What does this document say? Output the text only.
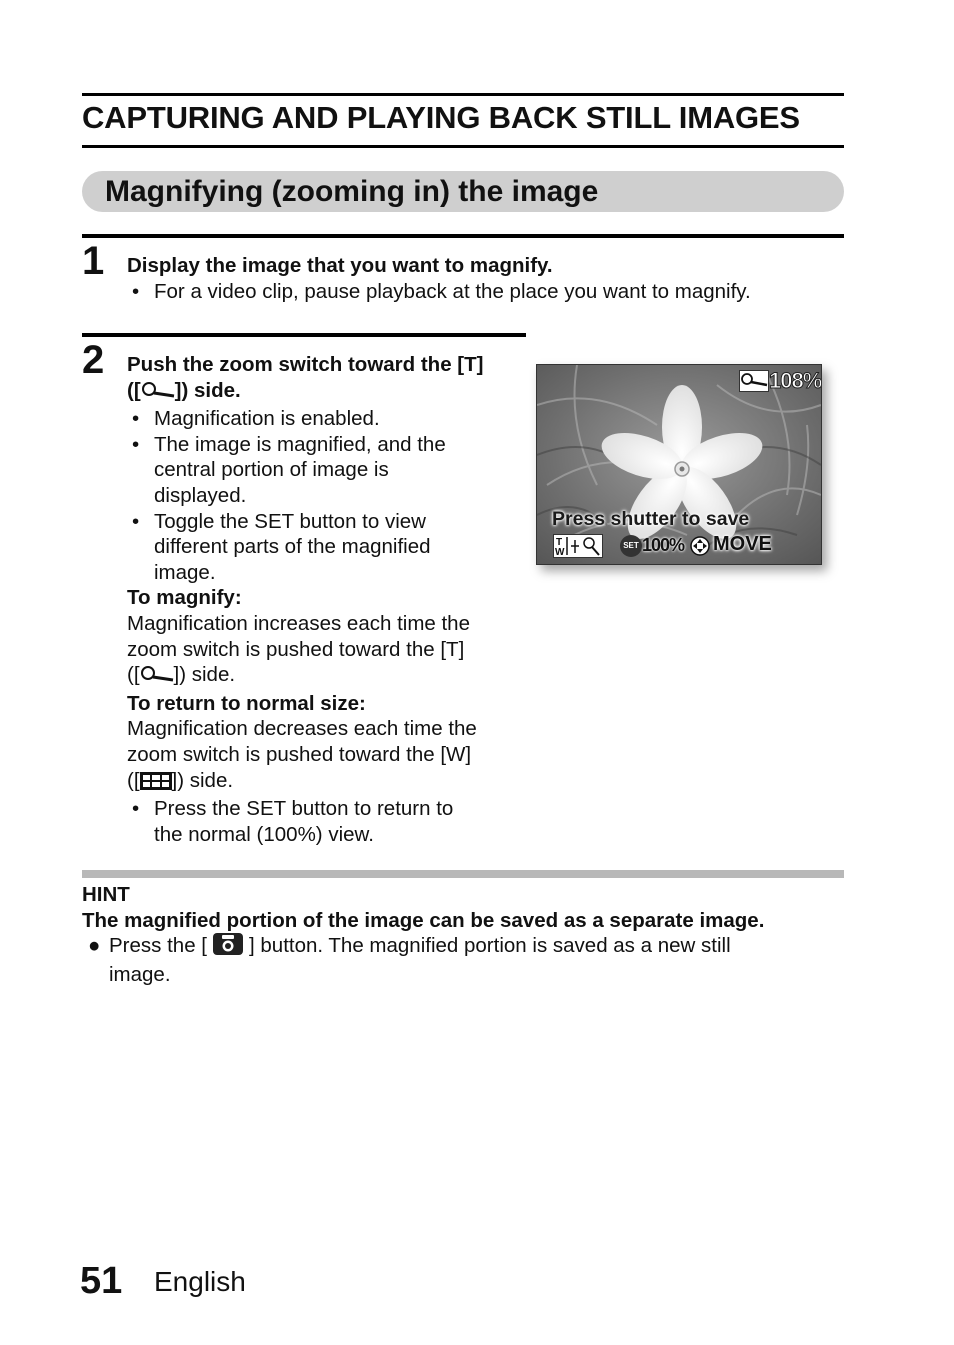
CAPTURING AND PLAYING BACK STILL IMAGES
Magnifying (zooming in) the image
1 Display the image that you want to magnify.
• For a video clip, pause playback at the place you want to magnify.
2 Push the zoom switch toward the [T]
([ ]) side.
• Magnification is enabled.
• The image is magnified, and the
central portion of image is
displayed.
• Toggle the SET button to view
different parts of the magnified
image.
To magnify:
Magnification increases each time the
zoom switch is pushed toward the [T]
([ ]) side.
To return to normal size:
Magnification decreases each time the
zoom switch is pushed toward the [W]
([ ]) side.
• Press the SET button to return to
the normal (100%) view.
108%
Press shutter to save
T
W
SET 100% MOVE
HINT
The magnified portion of the image can be saved as a separate image.
● Press the [ ] button. The magnified portion is saved as a new still
image.
51 English
